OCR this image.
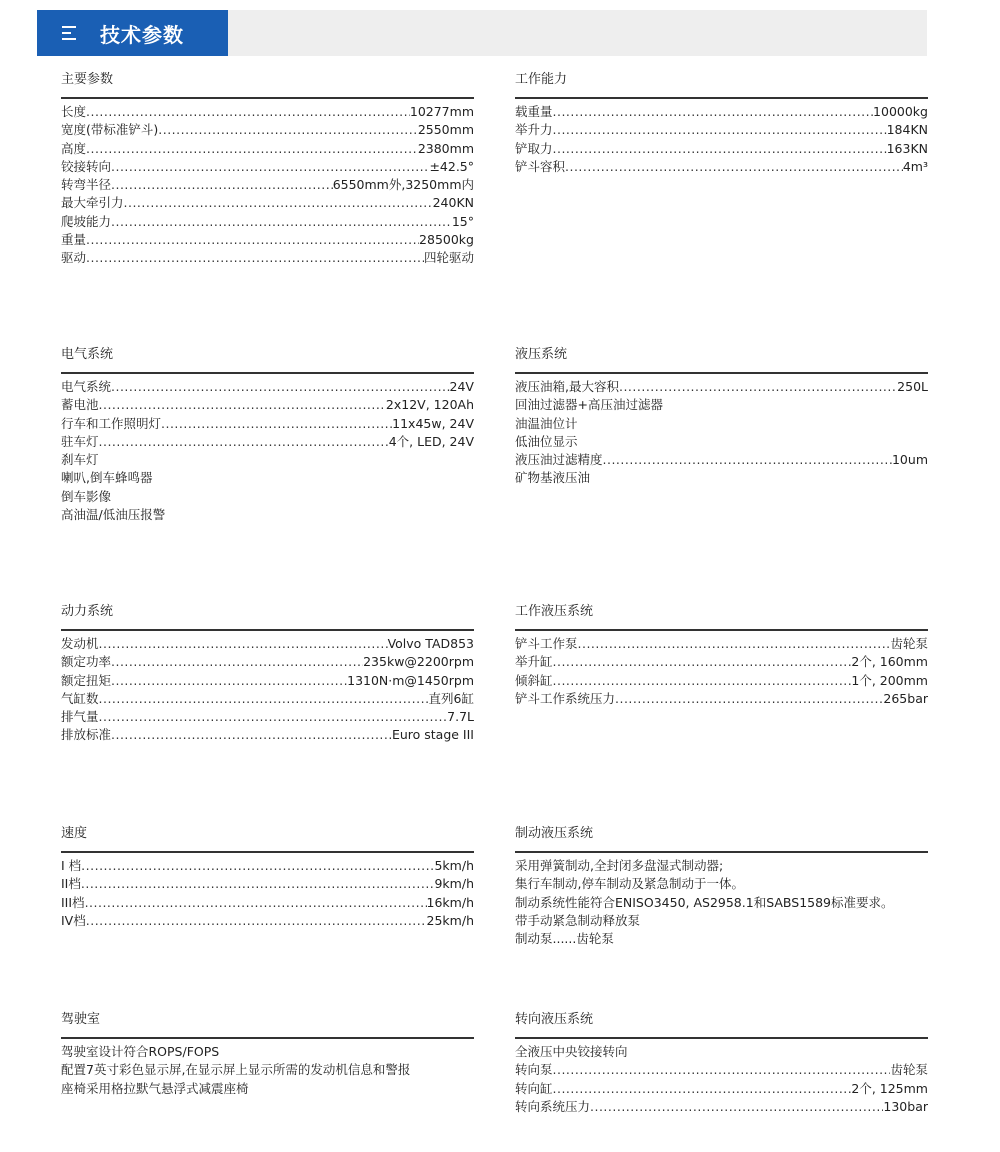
技术参数
主要参数
长度 .....	10277mm
宽度(带标准铲斗) .....	2550mm
高度 .....	2380mm
铰接转向 .....	±42.5°
转弯半径 .....	6550mm外,3250mm内
最大牵引力 .....	240KN
爬坡能力 .....	15°
重量 .....	28500kg
驱动 .....	四轮驱动
工作能力
载重量 .....	10000kg
举升力 .....	184KN
铲取力 .....	163KN
铲斗容积 .....	4m³
电气系统
电气系统 .....	24V
蓄电池 .....	2x12V, 120Ah
行车和工作照明灯 .....	11x45w, 24V
驻车灯 .....	4个, LED, 24V
刹车灯
喇叭,倒车蜂鸣器
倒车影像
高油温/低油压报警
液压系统
液压油箱,最大容积 .....	250L
回油过滤器+高压油过滤器
油温油位计
低油位显示
液压油过滤精度 .....	10um
矿物基液压油
动力系统
发动机 .....	Volvo TAD853
额定功率 .....	235kw@2200rpm
额定扭矩 .....	1310N·m@1450rpm
气缸数 .....	直列6缸
排气量 .....	7.7L
排放标准 .....	Euro stage III
工作液压系统
铲斗工作泵 .....	齿轮泵
举升缸 .....	2个, 160mm
倾斜缸 .....	1个, 200mm
铲斗工作系统压力 .....	265bar
速度
I 档 .....	5km/h
II档 .....	9km/h
III档 .....	16km/h
IV档 .....	25km/h
制动液压系统
采用弹簧制动,全封闭多盘湿式制动器;
集行车制动,停车制动及紧急制动于一体。
制动系统性能符合ENISO3450, AS2958.1和SABS1589标准要求。
带手动紧急制动释放泵
制动泵......齿轮泵
驾驶室
驾驶室设计符合ROPS/FOPS
配置7英寸彩色显示屏,在显示屏上显示所需的发动机信息和警报
座椅采用格拉默气悬浮式减震座椅
转向液压系统
全液压中央铰接转向
转向泵 .....	齿轮泵
转向缸 .....	2个, 125mm
转向系统压力 .....	130bar
